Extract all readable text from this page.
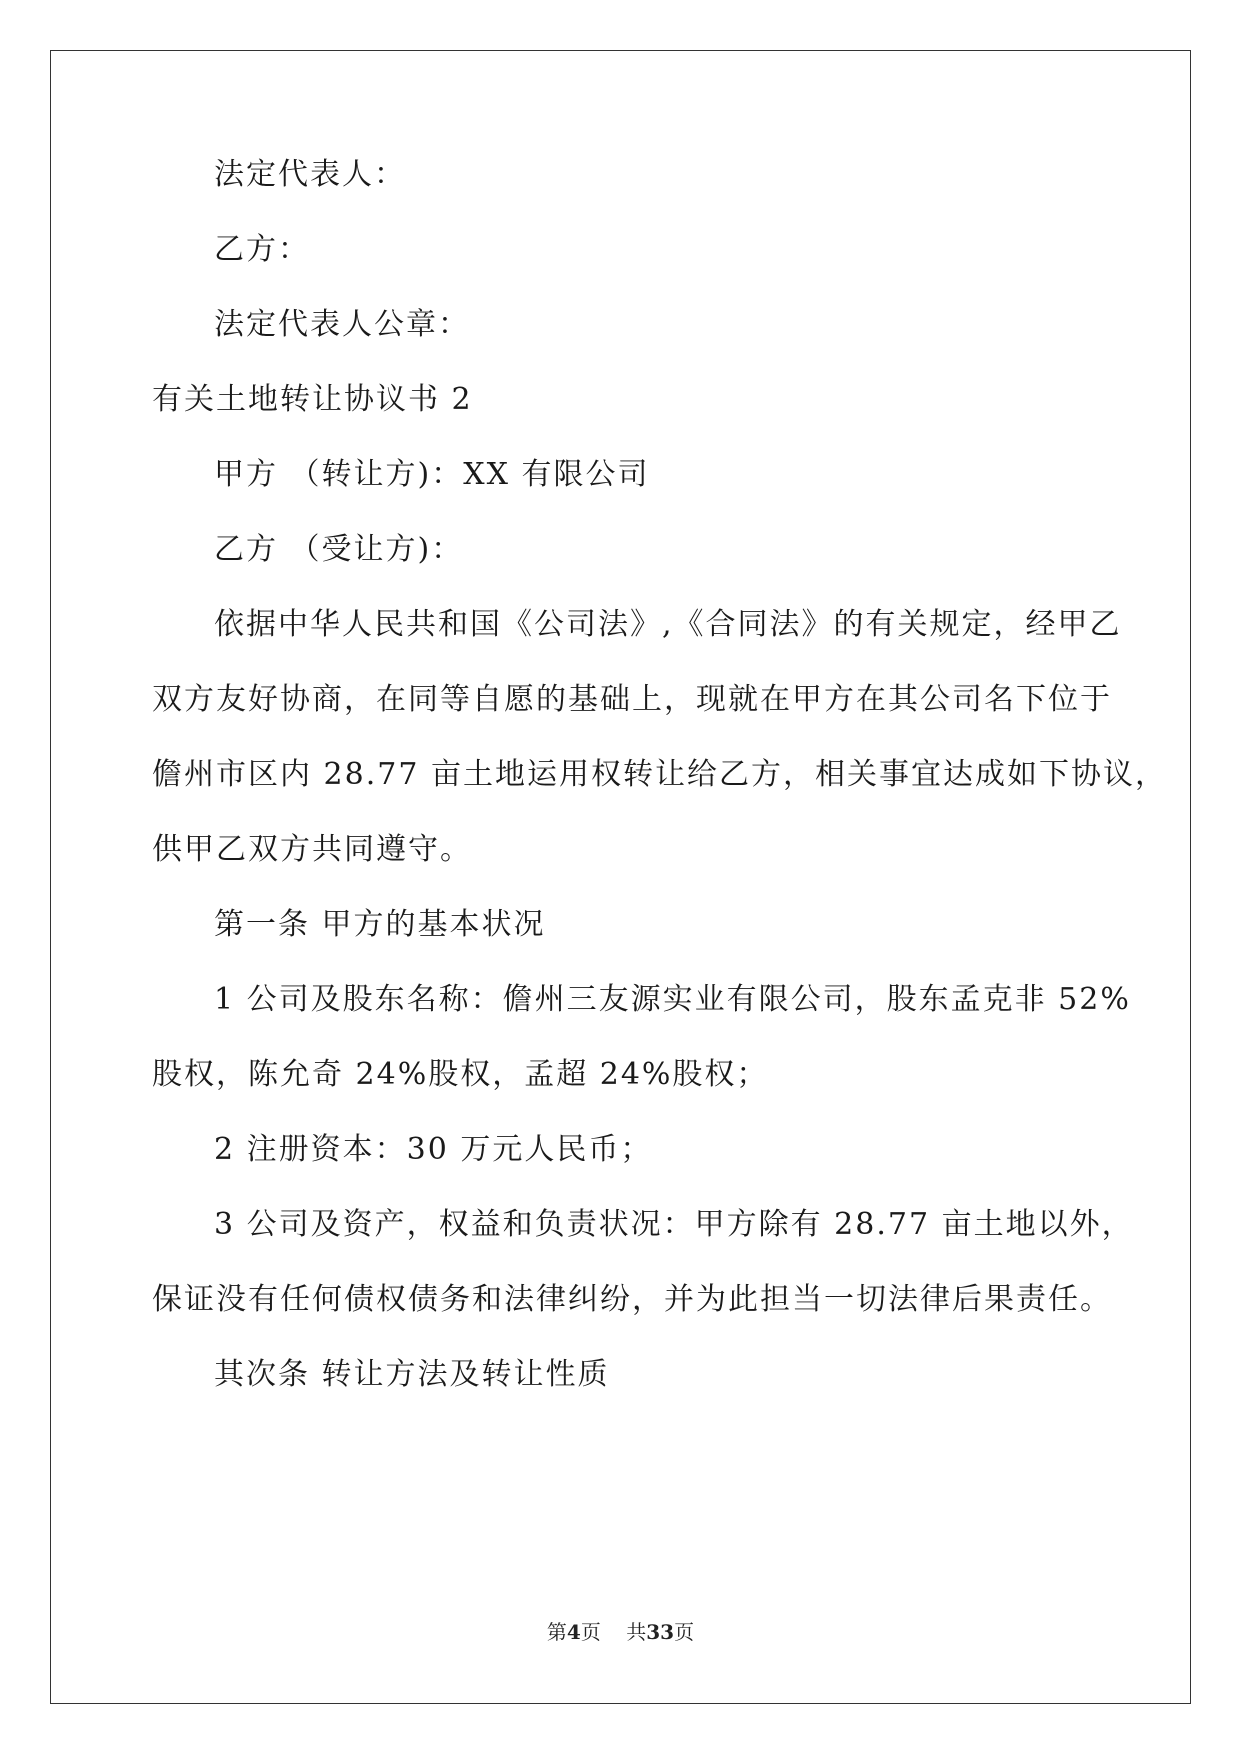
法定代表人：
乙方：
法定代表人公章：
有关土地转让协议书 2
甲方 （转让方)：XX 有限公司
乙方 （受让方)：
依据中华人民共和国《公司法》,《合同法》的有关规定，经甲乙
双方友好协商，在同等自愿的基础上，现就在甲方在其公司名下位于
儋州市区内 28.77 亩土地运用权转让给乙方，相关事宜达成如下协议，
供甲乙双方共同遵守。
第一条 甲方的基本状况
1 公司及股东名称：儋州三友源实业有限公司，股东孟克非 52%
股权，陈允奇 24%股权，孟超 24%股权；
2 注册资本：30 万元人民币；
3 公司及资产，权益和负责状况：甲方除有 28.77 亩土地以外，
保证没有任何债权债务和法律纠纷，并为此担当一切法律后果责任。
其次条 转让方法及转让性质
第4页    共33页
